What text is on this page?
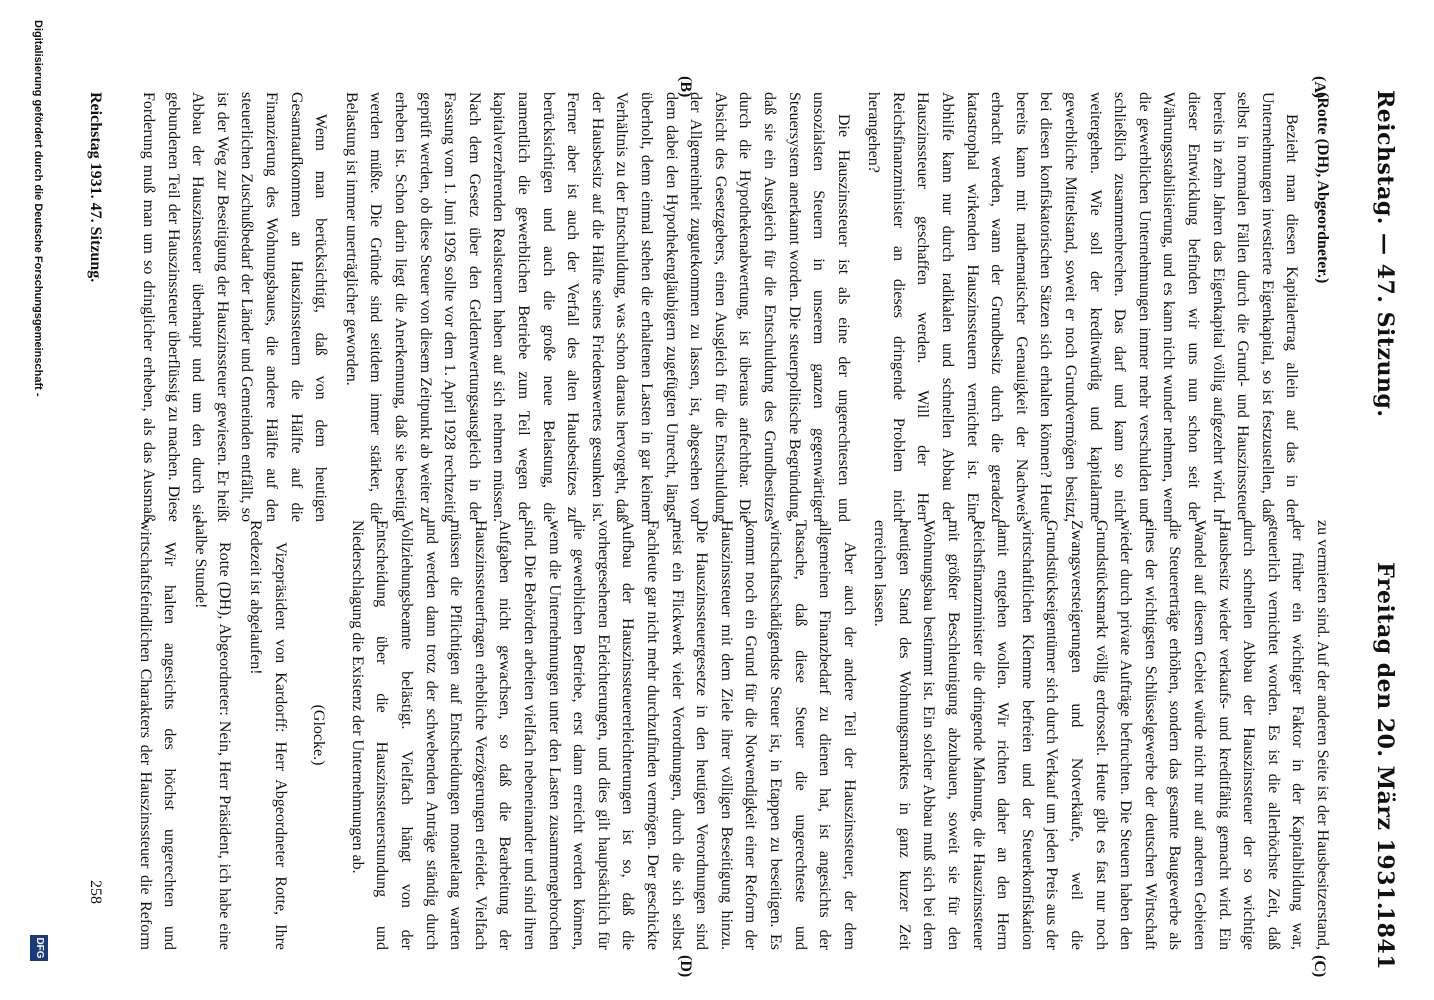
Reichstag. — 47. Sitzung.
Freitag den 20. März 1931.
1841
(A)
(B)
(C)
(D)

(Rotte (DH), Abgeordneter.)

Bezieht man diesen Kapitalertrag allein auf das in den Unternehmungen investierte Eigenkapital, so ist festzustellen, daß selbst in normalen Fällen durch die Grund- und Hauszinssteuer bereits in zehn Jahren das Eigenkapital völlig aufgezehrt wird. In dieser Entwicklung befinden wir uns nun schon seit der Währungsstabilisierung, und es kann nicht wunder nehmen, wenn die gewerblichen Unternehmungen immer mehr verschulden und schließlich zusammenbrechen. Das darf und kann so nicht weitergehen. Wie soll der kreditwürdig und kapitalarme gewerbliche Mittelstand, soweit er noch Grundvermögen besitzt, bei diesen konfiskatorischen Sätzen sich erhalten können? Heute bereits kann mit mathematischer Genauigkeit der Nachweis erbracht werden, wann der Grundbesitz durch die geradezu katastrophal wirkenden Hauszinssteuern vernichtet ist. Eine Abhilfe kann nur durch radikalen und schnellen Abbau der Hauszinssteuer geschaffen werden. Will der Herr Reichsfinanzminister an dieses dringende Problem nicht herangehen?

Die Hauszinssteuer ist als eine der ungerechtesten und unsozialsten Steuern in unserem ganzen gegenwärtigen Steuersystem anerkannt worden. Die steuerpolitische Begründung, daß sie ein Ausgleich für die Entschuldung des Grundbesitzes durch die Hypothekenabwertung, ist überaus anfechtbar. Die Absicht des Gesetzgebers, einen Ausgleich für die Entschuldung der Allgemeinheit zugutekommen zu lassen, ist, abgesehen von dem dabei den Hypothekengläubigern zugefügten Unrecht, längst überholt, denn einmal stehen die erhaltenen Lasten in gar keinem Verhältnis zu der Entschuldung, was schon daraus hervorgeht, daß der Hausbesitz auf die Hälfte seines Friedenswertes gesunken ist. Ferner aber ist auch der Verfall des alten Hausbesitzes zu berücksichtigen und auch die große neue Belastung, die namentlich die gewerblichen Betriebe zum Teil wegen der kapitalverzehrenden Realsteuern haben auf sich nehmen müssen. Nach dem Gesetz über den Geldentwertungsausgleich in der Fassung vom 1. Juni 1926 sollte vor dem 1. April 1928 rechtzeitig geprüft werden, ob diese Steuer von diesem Zeitpunkt ab weiter zu erheben ist. Schon darin liegt die Anerkennung, daß sie beseitigt werden müßte. Die Gründe sind seitdem immer stärker, die Belastung ist immer unerträglicher geworden.

Wenn man berücksichtigt, daß von dem heutigen Gesamtaufkommen an Hauszinssteuern die Hälfte auf die Finanzierung des Wohnungsbaues, die andere Hälfte auf den steuerlichen Zuschußbedarf der Länder und Gemeinden entfällt, so ist der Weg zur Beseitigung der Hauszinssteuer gewiesen. Er heißt Abbau der Hauszinssteuer überhaupt und um den durch sie gebundenen Teil der Hauszinssteuer überflüssig zu machen. Diese Forderung muß man um so dringlicher erheben, als das Ausmaß

zu vermieten sind. Auf der anderen Seite ist der Hausbesitzerstand, der früher ein wichtiger Faktor in der Kapitalbildung war, steuerlich vernichtet worden. Es ist die allerhöchste Zeit, daß durch schnellen Abbau der Hauszinssteuer der so wichtige Hausbesitz wieder verkaufs- und kreditfähig gemacht wird. Ein Wandel auf diesem Gebiet würde nicht nur auf anderen Gebieten die Steuererträge erhöhen, sondern das gesamte Baugewerbe als eines der wichtigsten Schlüsselgewerbe der deutschen Wirtschaft wieder durch private Aufträge befruchten. Die Steuern haben den Grundstücksmarkt völlig erdrosselt. Heute gibt es fast nur noch Zwangsversteigerungen und Notverkäufe, weil die Grundstückseigentümer sich durch Verkauf um jeden Preis aus der wirtschaftlichen Klemme befreien und der Steuerkonfiskation damit entgehen wollen. Wir richten daher an den Herrn Reichsfinanzminister die dringende Mahnung, die Hauszinssteuer mit größter Beschleunigung abzubauen, soweit sie für den Wohnungsbau bestimmt ist. Ein solcher Abbau muß sich bei dem heutigen Stand des Wohnungsmarktes in ganz kurzer Zeit erreichen lassen.

Aber auch der andere Teil der Hauszinssteuer, der dem allgemeinen Finanzbedarf zu dienen hat, ist angesichts der Tatsache, daß diese Steuer die ungerechteste und wirtschaftsschädigendste Steuer ist, in Etappen zu beseitigen. Es kommt noch ein Grund für die Notwendigkeit einer Reform der Hauszinssteuer mit dem Ziele ihrer völligen Beseitigung hinzu. Die Hauszinssteuergesetze in den heutigen Verordnungen sind meist ein Flickwerk vieler Verordnungen, durch die sich selbst Fachleute gar nicht mehr durchzufinden vermögen. Der geschickte Aufbau der Hauszinssteuererleichterungen ist so, daß die vorhergesehenen Erleichterungen, und dies gilt hauptsächlich für die gewerblichen Betriebe, erst dann erreicht werden können, wenn die Unternehmungen unter den Lasten zusammengebrochen sind. Die Behörden arbeiten vielfach nebeneinander und sind ihren Aufgaben nicht gewachsen, so daß die Bearbeitung der Hauszinssteuerfragen erhebliche Verzögerungen erleidet. Vielfach müssen die Pflichtigen auf Entscheidungen monatelang warten und werden dann trotz der schwebenden Anträge ständig durch Vollziehungsbeamte belästigt. Vielfach hängt von der Entscheidung über die Hauszinssteuerstundung und Niederschlagung die Existenz der Unternehmungen ab.

(Glocke.)

Vizepräsident von Kardorff: Herr Abgeordneter Rotte, Ihre Redezeit ist abgelaufen!

Rotte (DH), Abgeordneter: Nein, Herr Präsident, ich habe eine halbe Stunde!

Wir halten angesichts des höchst ungerechten und wirtschaftsfeindlichen Charakters der Hauszinssteuer die Reform

Reichstag 1931. 47. Sitzung.
258
Digitalisierung gefördert durch die Deutsche Forschungsgemeinschaft -
DFG
